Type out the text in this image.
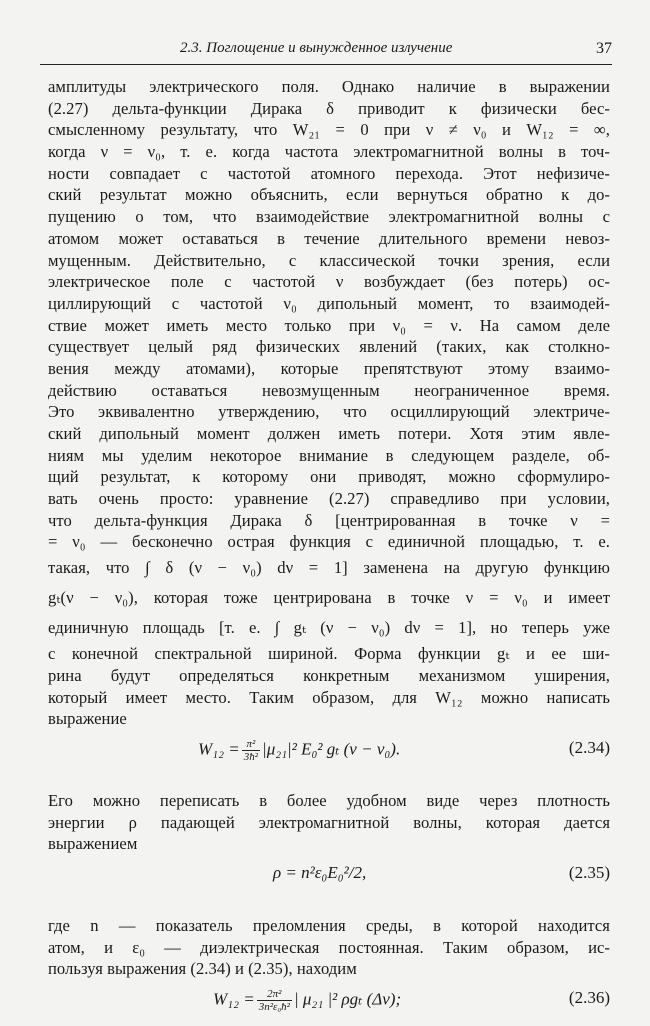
2.3. Поглощение и вынужденное излучение	37

амплитуды электрического поля. Однако наличие в выражении
(2.27) дельта-функции Дирака δ приводит к физически бес-
смысленному результату, что W₂₁ = 0 при ν ≠ ν₀ и W₁₂ = ∞,
когда ν = ν₀, т. е. когда частота электромагнитной волны в точ-
ности совпадает с частотой атомного перехода. Этот нефизиче-
ский результат можно объяснить, если вернуться обратно к до-
пущению о том, что взаимодействие электромагнитной волны с
атомом может оставаться в течение длительного времени невоз-
мущенным. Действительно, с классической точки зрения, если
электрическое поле с частотой ν возбуждает (без потерь) ос-
циллирующий с частотой ν₀ дипольный момент, то взаимодей-
ствие может иметь место только при ν₀ = ν. На самом деле
существует целый ряд физических явлений (таких, как столкно-
вения между атомами), которые препятствуют этому взаимо-
действию оставаться невозмущенным неограниченное время.
Это эквивалентно утверждению, что осциллирующий электриче-
ский дипольный момент должен иметь потери. Хотя этим явле-
ниям мы уделим некоторое внимание в следующем разделе, об-
щий результат, к которому они приводят, можно сформулиро-
вать очень просто: уравнение (2.27) справедливо при условии,
что дельта-функция Дирака δ [центрированная в точке ν =
= ν₀ — бесконечно острая функция с единичной площадью, т. е.
такая, что ∫ δ (ν − ν₀) dν = 1] заменена на другую функцию
gₜ(ν − ν₀), которая тоже центрирована в точке ν = ν₀ и имеет
единичную площадь [т. е. ∫ gₜ (ν − ν₀) dν = 1], но теперь уже
с конечной спектральной шириной. Форма функции gₜ и ее ши-
рина будут определяться конкретным механизмом уширения,
который имеет место. Таким образом, для W₁₂ можно написать
выражение

$W_{12} = \frac{\text{π²}}{\text{3ħ²}} |\mu_{21}|^2$ E₀² gₜ (ν − ν₀).	(2.34)

Его можно переписать в более удобном виде через плотность
энергии ρ падающей электромагнитной волны, которая дается
выражением

ρ = n²ε₀E₀²/2,	(2.35)

где n — показатель преломления среды, в которой находится
атом, и ε₀ — диэлектрическая постоянная. Таким образом, ис-
пользуя выражения (2.34) и (2.35), находим

$W_{12} = \frac{\text{2π²}}{\text{3n²ε₀ħ²}}$ | μ₂₁ |² ρgₜ (Δν);	(2.36)
